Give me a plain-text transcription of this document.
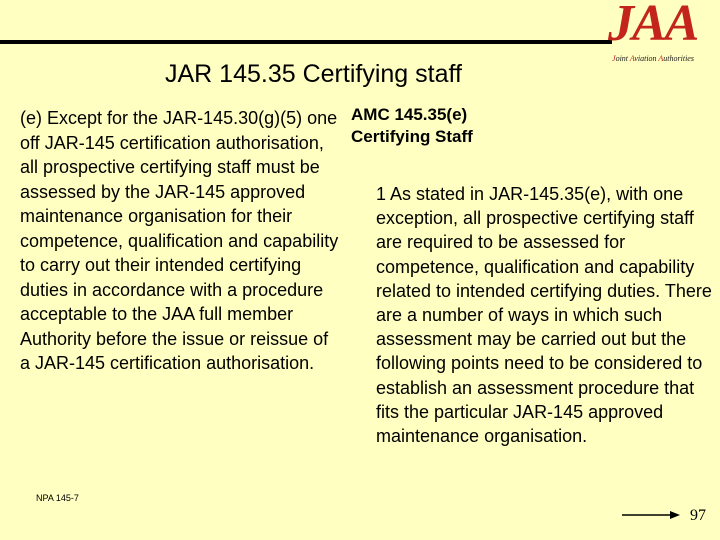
JAA
Joint Aviation Authorities
JAR 145.35 Certifying staff
(e) Except for the JAR-145.30(g)(5) one off JAR-145 certification authorisation, all prospective certifying staff must be assessed by the JAR-145 approved maintenance organisation for their competence, qualification and capability to carry out their intended certifying duties in accordance with a procedure acceptable to the JAA full member Authority before the issue or reissue of a JAR-145 certification authorisation.
AMC 145.35(e)
Certifying Staff
1 As stated in JAR-145.35(e), with one exception, all prospective certifying staff are required to be assessed for competence, qualification and capability related to intended certifying duties. There are a number of ways in which such assessment may be carried out but the following points need to be considered to establish an assessment procedure that fits the particular JAR-145 approved maintenance organisation.
NPA 145-7
97
